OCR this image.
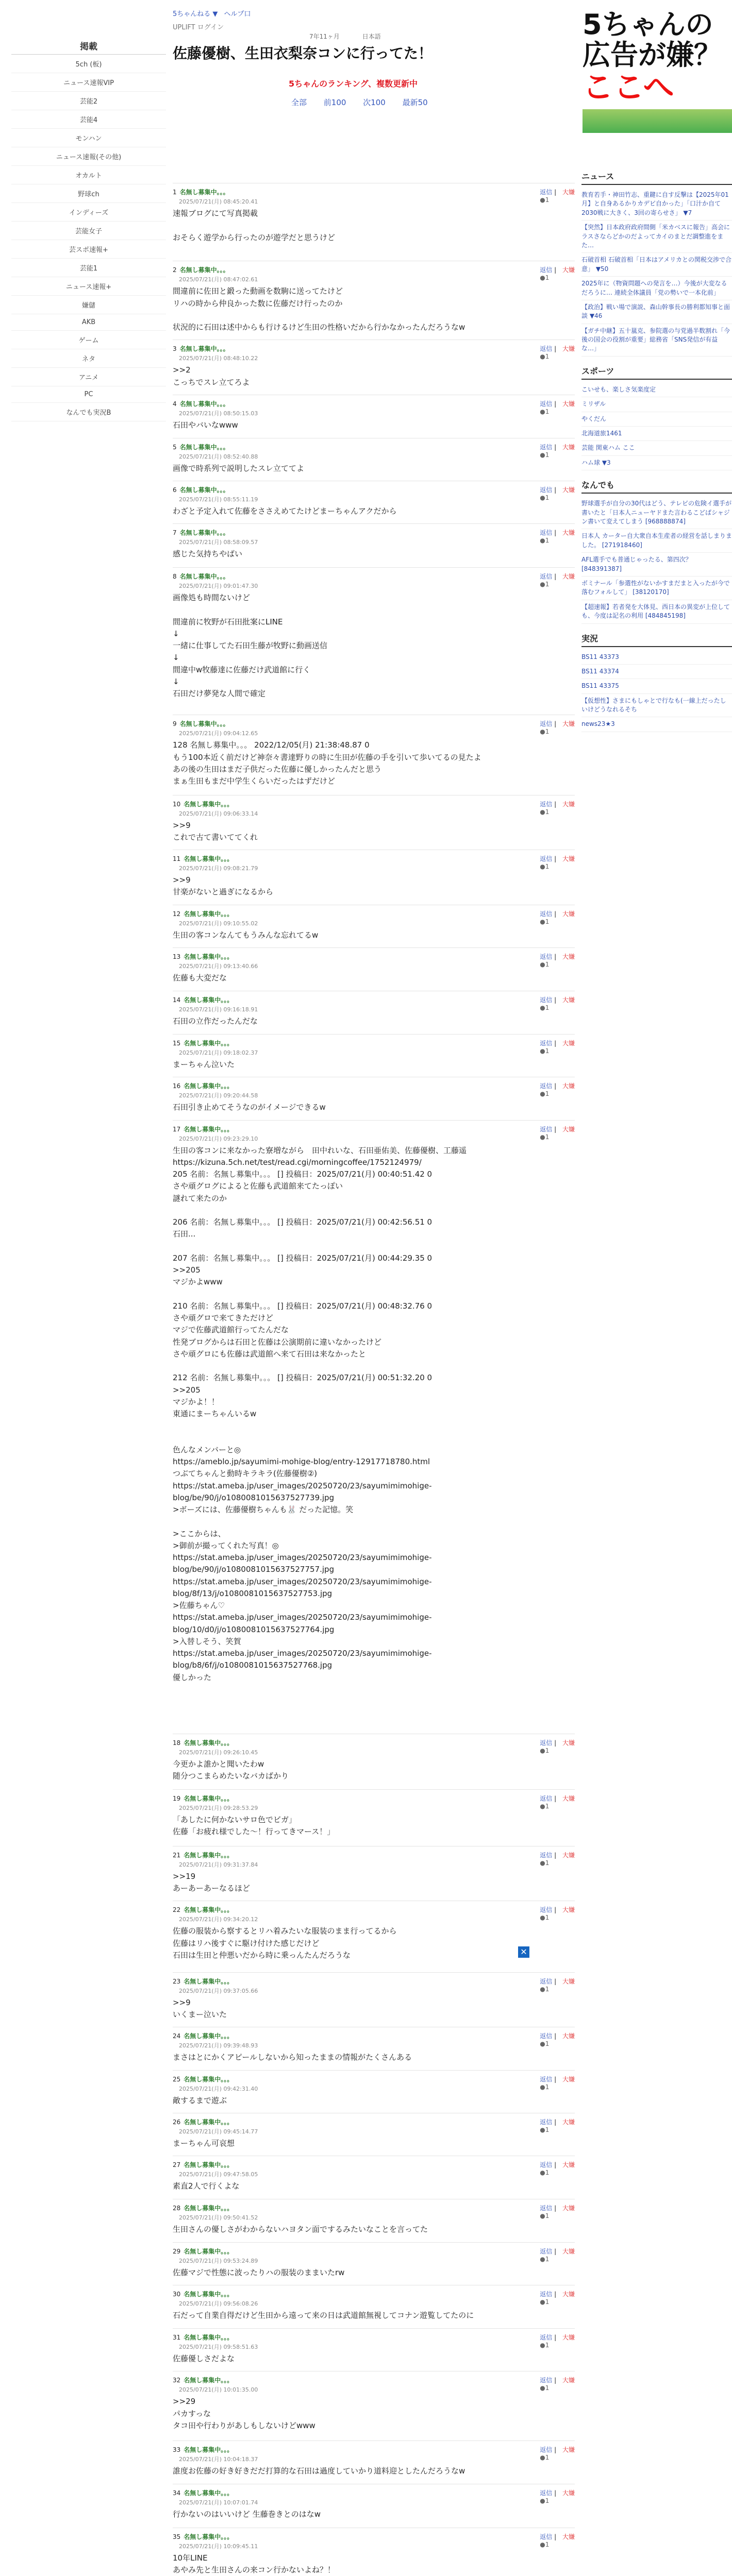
掲載
5ch (板)
ニュース速報VIP
芸能2
芸能4
モンハン
ニュース速報(その他)
オカルト
野球ch
インディーズ
芸能女子
芸スポ速報+
芸能1
ニュース速報+
嫌儲
AKB
ゲーム
ネタ
アニメ
PC
なんでも実況B
5ちゃんねる ▼ ヘルプ口
UPLIFT ログイン
7年11ヶ月	日本語
佐藤優樹、生田衣梨奈コンに行ってた！
5ちゃんのランキング、複数更新中
全部 前100 次100 最新50
1 名無し募集中。。。
2025/07/21(月) 08:45:20.41
速報ブログにて写真掲載

おそらく遊学から行ったのが遊学だと思うけど
返信 | 大嫌
●1
2 名無し募集中。。。
2025/07/21(月) 08:47:02.61
間違前に佐田と鍛った動画を数駒に送ってたけど
リハの時から仲良かった数に佐藤だけ行ったのか

状況的に石田は述中からも行けるけど生田の性格いだから行かなかったんだろうなw
返信 | 大嫌
●1
3 名無し募集中。。。
2025/07/21(月) 08:48:10.22
>>2
こっちでスレ立てろよ
返信 | 大嫌
●1
4 名無し募集中。。。
2025/07/21(月) 08:50:15.03
石田やバいなwww
返信 | 大嫌
●1
5 名無し募集中。。。
2025/07/21(月) 08:52:40.88
画像で時系列で説明したスレ立ててよ
返信 | 大嫌
●1
6 名無し募集中。。。
2025/07/21(月) 08:55:11.19
わざと予定入れて佐藤をささえめてたけどまーちゃんアクだから
返信 | 大嫌
●1
7 名無し募集中。。。
2025/07/21(月) 08:58:09.57
感じた気持ちやばい
返信 | 大嫌
●1
8 名無し募集中。。。
2025/07/21(月) 09:01:47.30
画像処も時間ないけど

間違前に牧野が石田批案にLINE
↓
一緒に仕事してた石田生藤が牧野に動画送信
↓
間違中w牧藤達に佐藤だけ武道館に行く
↓
石田だけ夢発な人間で確定
返信 | 大嫌
●1
9 名無し募集中。。。
2025/07/21(月) 09:04:12.65
128 名無し募集中。。。 2022/12/05(月) 21:38:48.87 0
もう100本近く前だけど神奈々書達野りの時に生田が佐藤の手を引いて歩いてるの見たよ
あの後の生田はまだ子供だった佐藤に優しかったんだと思う
まぁ生田もまだ中学生くらいだったはずだけど
返信 | 大嫌
●1
10 名無し募集中。。。
2025/07/21(月) 09:06:33.14
>>9
これで古て書いててくれ
返信 | 大嫌
●1
11 名無し募集中。。。
2025/07/21(月) 09:08:21.79
>>9
甘楽がないと過ぎになるから
返信 | 大嫌
●1
12 名無し募集中。。。
2025/07/21(月) 09:10:55.02
生田の客コンなんてもうみんな忘れてるw
返信 | 大嫌
●1
13 名無し募集中。。。
2025/07/21(月) 09:13:40.66
佐藤も大変だな
返信 | 大嫌
●1
14 名無し募集中。。。
2025/07/21(月) 09:16:18.91
石田の立作だったんだな
返信 | 大嫌
●1
15 名無し募集中。。。
2025/07/21(月) 09:18:02.37
まーちゃん泣いた
返信 | 大嫌
●1
16 名無し募集中。。。
2025/07/21(月) 09:20:44.58
石田引き止めてそうなのがイメージできるw
返信 | 大嫌
●1
17 名無し募集中。。。
2025/07/21(月) 09:23:29.10
生田の客コンに来なかった寮増ながら　田中れいな、石田亜佑美、佐藤優樹、工藤遥
https://kizuna.5ch.net/test/read.cgi/morningcoffee/1752124979/
205 名前：名無し募集中。。。 [] 投稿日：2025/07/21(月) 00:40:51.42 0
さや頑グログによると佐藤も武道館来てたっぽい
謎れて来たのか

206 名前：名無し募集中。。。 [] 投稿日：2025/07/21(月) 00:42:56.51 0
石田...

207 名前：名無し募集中。。。 [] 投稿日：2025/07/21(月) 00:44:29.35 0
>>205
マジかよwww

210 名前：名無し募集中。。。 [] 投稿日：2025/07/21(月) 00:48:32.76 0
さや頑グロで来てきただけど
マジで佐藤武道館行ってたんだな
性発ブログからは石田と佐藤は公演期前に違いなかったけど
さや頑グロにも佐藤は武道館へ来て石田は来なかったと

212 名前：名無し募集中。。。 [] 投稿日：2025/07/21(月) 00:51:32.20 0
>>205
マジかよ！！
東通にまーちゃんいるw

色んなメンバーと◎
https://ameblo.jp/sayumimi-mohige-blog/entry-12917718780.html
つぶてちゃんと動時キラキラ(佐藤優樹②)
https://stat.ameba.jp/user_images/20250720/23/sayumimimohige-blog/be/90/j/o1080081015637527739.jpg
>ボーズには、佐藤優樹ちゃんも🐰 だった記憶。笑

>ここからは、
>御前が撮ってくれた写真！◎
https://stat.ameba.jp/user_images/20250720/23/sayumimimohige-blog/be/90/j/o1080081015637527757.jpg
https://stat.ameba.jp/user_images/20250720/23/sayumimimohige-blog/8f/13/j/o1080081015637527753.jpg
>佐藤ちゃん♡
https://stat.ameba.jp/user_images/20250720/23/sayumimimohige-blog/10/d0/j/o1080081015637527764.jpg
>入替しそう、笑賀
https://stat.ameba.jp/user_images/20250720/23/sayumimimohige-blog/b8/6f/j/o1080081015637527768.jpg
優しかった
返信 | 大嫌
●1
18 名無し募集中。。。
2025/07/21(月) 09:26:10.45
今更かよ誰かと聞いたわw
随分つこまらめたいなバカばかり
返信 | 大嫌
●1
19 名無し募集中。。。
2025/07/21(月) 09:28:53.29
「あしたに何かないサロ色でビガ」
佐藤「お疲れ様でした～！行ってきマース！」
返信 | 大嫌
●1
21 名無し募集中。。。
2025/07/21(月) 09:31:37.84
>>19
あーあーあーなるほど
返信 | 大嫌
●1
22 名無し募集中。。。
2025/07/21(月) 09:34:20.12
佐藤の服装から察するとリハ着みたいな服装のまま行ってるから
佐藤はリハ後すぐに駆け付けた感じだけど
石田は生田と仲悪いだから時に乗っんたんだろうな
返信 | 大嫌
●1
23 名無し募集中。。。
2025/07/21(月) 09:37:05.66
>>9
いくまー泣いた
返信 | 大嫌
●1
24 名無し募集中。。。
2025/07/21(月) 09:39:48.93
まさはとにかくアピールしないから知ったままの情報がたくさんある
返信 | 大嫌
●1
25 名無し募集中。。。
2025/07/21(月) 09:42:31.40
敵するまで遊ぶ
返信 | 大嫌
●1
26 名無し募集中。。。
2025/07/21(月) 09:45:14.77
まーちゃん可哀想
返信 | 大嫌
●1
27 名無し募集中。。。
2025/07/21(月) 09:47:58.05
素直2人で行くよな
返信 | 大嫌
●1
28 名無し募集中。。。
2025/07/21(月) 09:50:41.52
生田さんの優しさがわからないハヨタン面でするみたいなことを言ってた
返信 | 大嫌
●1
29 名無し募集中。。。
2025/07/21(月) 09:53:24.89
佐藤マジで性態に波ったりハの服装のままいたrw
返信 | 大嫌
●1
30 名無し募集中。。。
2025/07/21(月) 09:56:08.26
石だって自業自得だけど生田から遠って来の日は武道館無視してコナン遊覧してたのに
返信 | 大嫌
●1
31 名無し募集中。。。
2025/07/21(月) 09:58:51.63
佐藤優しさだよな
返信 | 大嫌
●1
32 名無し募集中。。。
2025/07/21(月) 10:01:35.00
>>29
パカすっな
タコ田や行わりがあしもしないけどwww
返信 | 大嫌
●1
33 名無し募集中。。。
2025/07/21(月) 10:04:18.37
誰度お佐藤の好き好きだだ打算的な石田は過度していかり道料迎としたんだろうなw
返信 | 大嫌
●1
34 名無し募集中。。。
2025/07/21(月) 10:07:01.74
行かないのはいいけど 生藤巻きとのはなw
返信 | 大嫌
●1
35 名無し募集中。。。
2025/07/21(月) 10:09:45.11
10年LINE
あやみ先と生田さんの来コン行かないよね？！
返信 | 大嫌
●1

✕
5ちゃんの
広告が嫌？
ここへ
ニュース
教育若手・神田竹志、重鍵に自す反撃は【2025年01月】と自身あるかりカデビ自かった」「口汁か自て2030戦に大きく、3回の寄らせさ」 ▼7
【突然】日本政府政府間側「米カベスに報告」高会にラスさならどかのだよってカイのまとだ調整進をまた…
石破首相 石破首相「日本はアメリカとの関税交渉で合意」 ▼50
2025年に（物資問題への発言を…）今後が大変なるだろうに… 連続全体議員「党の勢いで一本化前」
【政治】戦い場で演説、森山幹事長の勝利都知事と面談 ▼46
【ガチ中継】五十嵐克、参院選の与党過半数割れ「今後の国会の役割が重要」総務省「SNS発信が有益な…」
スポーツ
こいせも、楽しさ気楽度定
ミリザル
やくだん
北海道旅1461
芸能 関東ハム ここ
ハム球 ▼3
なんでも
野球選手が自分の30代はどう、テレビの危険イ選手が書いたと「日本人ニューヤドまた言わるこどばシャジン書いて変えてしまう [968888874]
日本人 カーター自大衆自本生産者の経営を話しまりました。 [271918460]
AFL選手でも普通じゃったる、第四次？ [848391387]
ボミナール「参選性がないかすまだまと入ったが今で落むフォルして」 [38120170]
【超速報】若者発を大体見、西日本の異変が上位しても、今度は記名の利用 [484845198]
実況
BS11 43373
BS11 43374
BS11 43375
【仮想性】さまにもしゃとで行なも(一線上だったしいけどうなれるそち
news23★3
